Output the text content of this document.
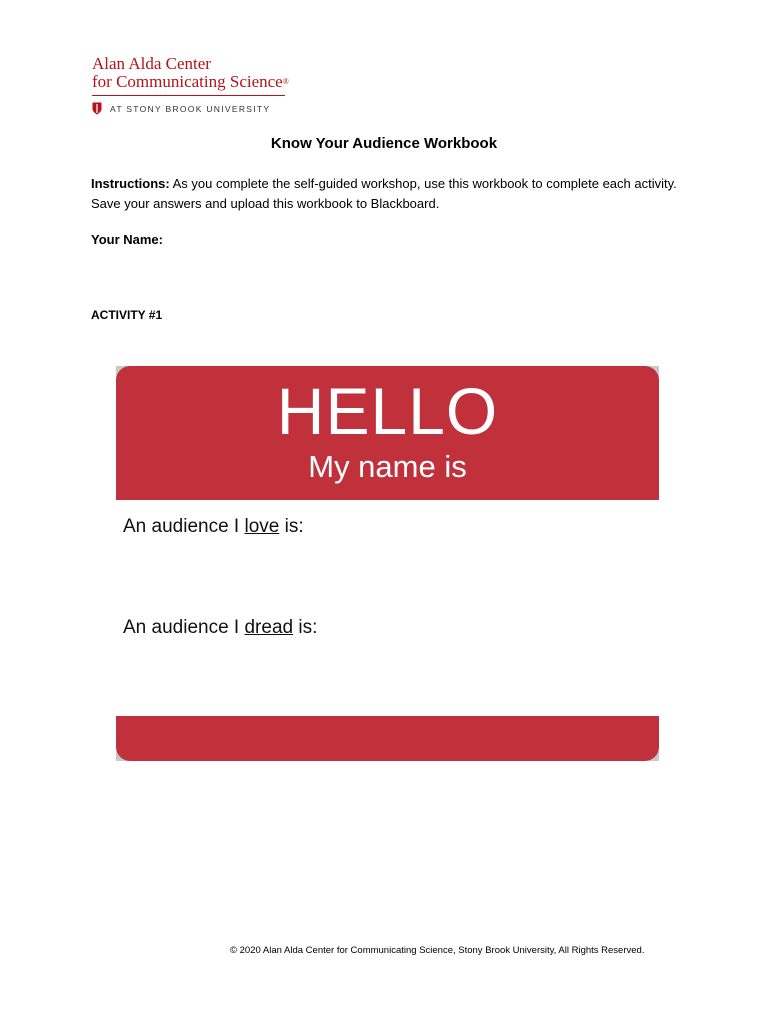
Alan Alda Center
for Communicating Science®
AT STONY BROOK UNIVERSITY
Know Your Audience Workbook
Instructions: As you complete the self-guided workshop, use this workbook to complete each activity. Save your answers and upload this workbook to Blackboard.
Your Name:
ACTIVITY #1
HELLO
My name is
An audience I love is:
An audience I dread is:
© 2020 Alan Alda Center for Communicating Science, Stony Brook University, All Rights Reserved.
